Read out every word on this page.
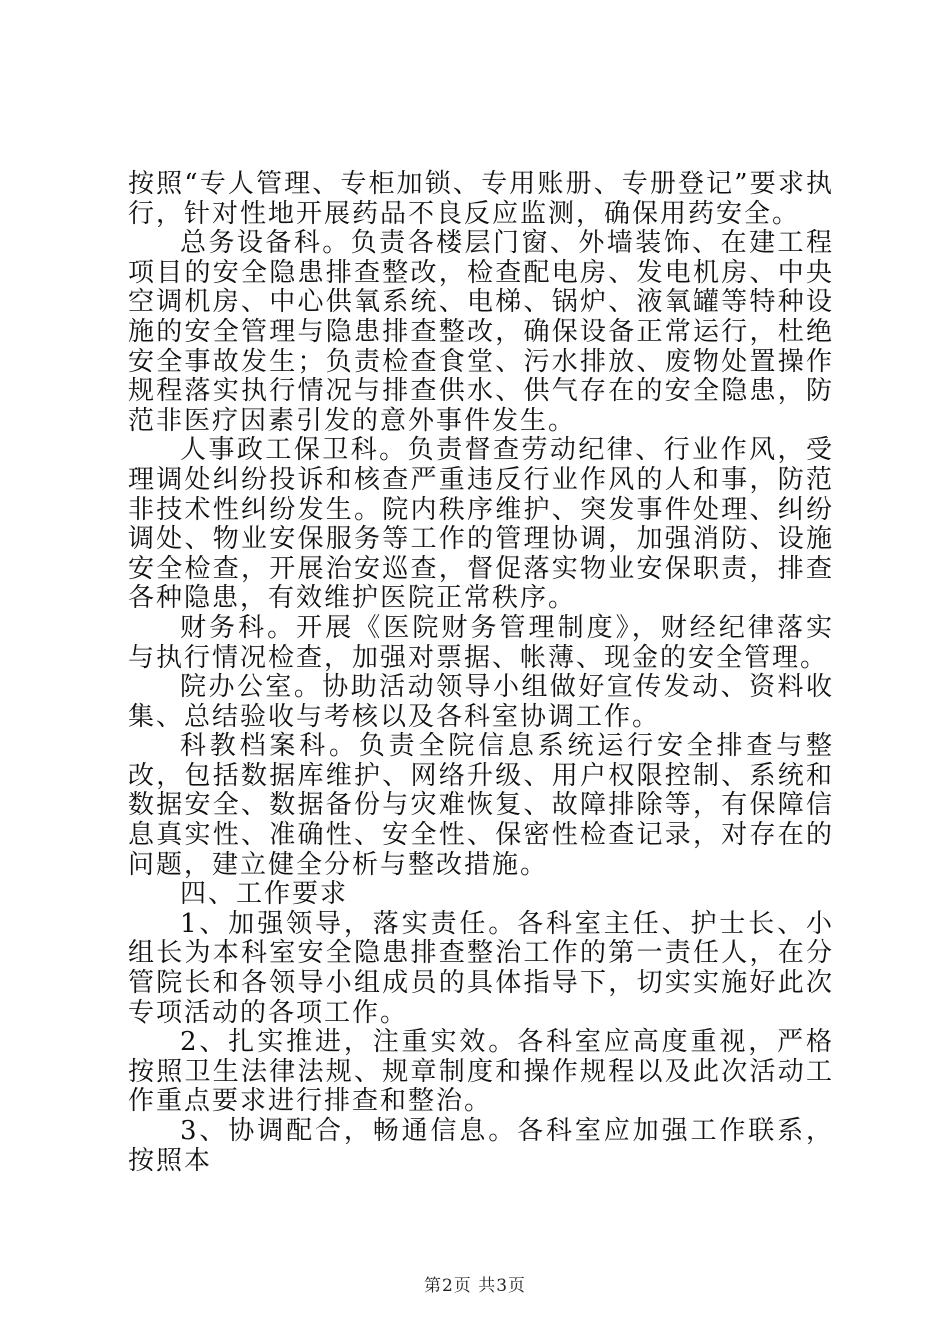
按照“专人管理、专柜加锁、专用账册、专册登记”要求执行，针对性地开展药品不良反应监测，确保用药安全。

总务设备科。负责各楼层门窗、外墙装饰、在建工程项目的安全隐患排查整改，检查配电房、发电机房、中央空调机房、中心供氧系统、电梯、锅炉、液氧罐等特种设施的安全管理与隐患排查整改，确保设备正常运行，杜绝安全事故发生；负责检查食堂、污水排放、废物处置操作规程落实执行情况与排查供水、供气存在的安全隐患，防范非医疗因素引发的意外事件发生。

人事政工保卫科。负责督查劳动纪律、行业作风，受理调处纠纷投诉和核查严重违反行业作风的人和事，防范非技术性纠纷发生。院内秩序维护、突发事件处理、纠纷调处、物业安保服务等工作的管理协调，加强消防、设施安全检查，开展治安巡查，督促落实物业安保职责，排查各种隐患，有效维护医院正常秩序。

财务科。开展《医院财务管理制度》，财经纪律落实与执行情况检查，加强对票据、帐薄、现金的安全管理。

院办公室。协助活动领导小组做好宣传发动、资料收集、总结验收与考核以及各科室协调工作。

科教档案科。负责全院信息系统运行安全排查与整改，包括数据库维护、网络升级、用户权限控制、系统和数据安全、数据备份与灾难恢复、故障排除等，有保障信息真实性、准确性、安全性、保密性检查记录，对存在的问题，建立健全分析与整改措施。

四、工作要求

1、加强领导，落实责任。各科室主任、护士长、小组长为本科室安全隐患排查整治工作的第一责任人，在分管院长和各领导小组成员的具体指导下，切实实施好此次专项活动的各项工作。

2、扎实推进，注重实效。各科室应高度重视，严格按照卫生法律法规、规章制度和操作规程以及此次活动工作重点要求进行排查和整治。

3、协调配合，畅通信息。各科室应加强工作联系，按照本

第2页 共3页
